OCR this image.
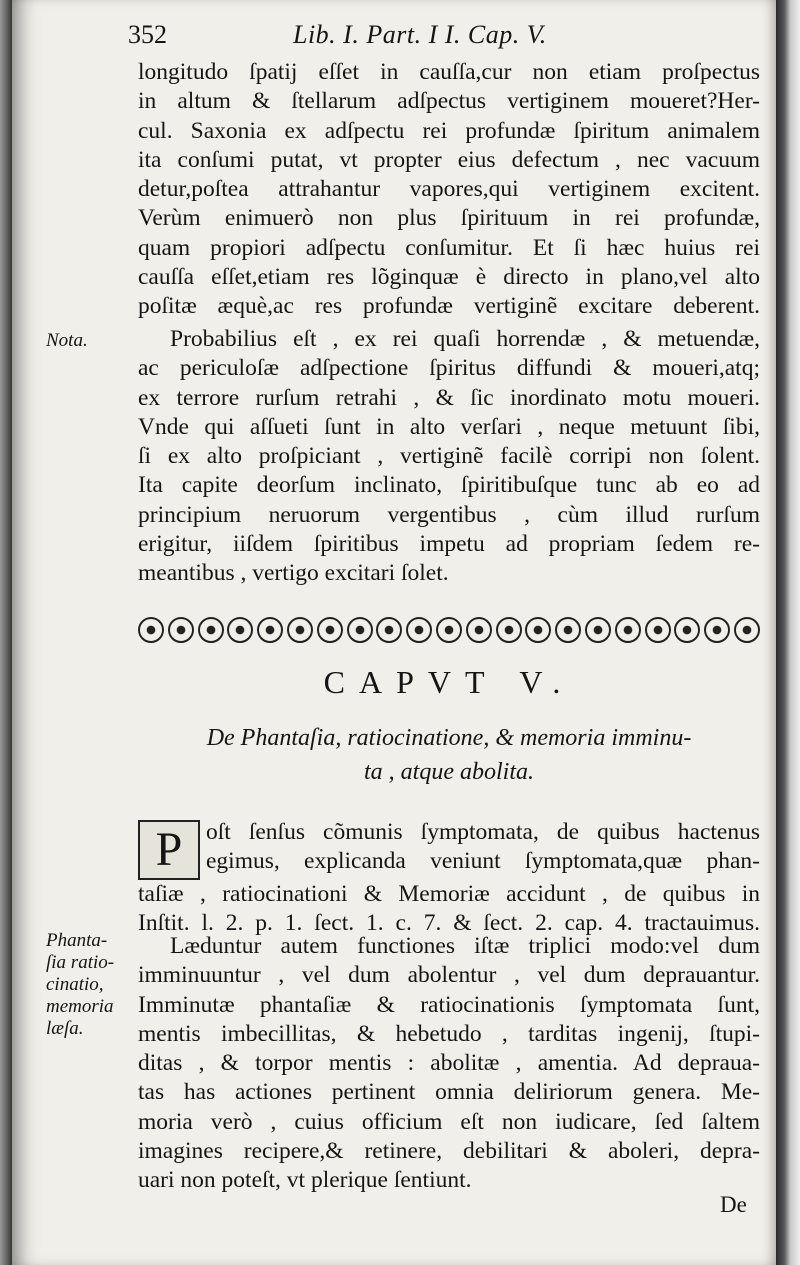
352	Lib. I. Part. I I. Cap. V.
longitudo ſpatij eſſet in cauſſa,cur non etiam proſpectus
in altum & ſtellarum adſpectus vertiginem moueret?Her-
cul. Saxonia ex adſpectu rei profundæ ſpiritum animalem
ita conſumi putat, vt propter eius defectum , nec vacuum
detur,poſtea attrahantur vapores,qui vertiginem excitent.
Verùm enimuerò non plus ſpirituum in rei profundæ,
quam propiori adſpectu conſumitur. Et ſi hæc huius rei
cauſſa eſſet,etiam res lõginquæ è directo in plano,vel alto
poſitæ æquè,ac res profundæ vertiginẽ excitare deberent.
Nota.	Probabilius eſt , ex rei quaſi horrendæ , & metuendæ,
ac periculoſæ adſpectione ſpiritus diffundi & moueri,atq;
ex terrore rurſum retrahi , & ſic inordinato motu moueri.
Vnde qui aſſueti ſunt in alto verſari , neque metuunt ſibi,
ſi ex alto proſpiciant , vertiginẽ facilè corripi non ſolent.
Ita capite deorſum inclinato, ſpiritibuſque tunc ab eo ad
principium neruorum vergentibus , cùm illud rurſum
erigitur, iiſdem ſpiritibus impetu ad propriam ſedem re-
meantibus , vertigo excitari ſolet.
CAPVT V.
De Phantaſia, ratiocinatione, & memoria imminu-
ta , atque abolita.
P	oſt ſenſus cõmunis ſymptomata, de quibus hactenus
egimus, explicanda veniunt ſymptomata,quæ phan-
taſiæ , ratiocinationi & Memoriæ accidunt , de quibus in
Inſtit. l. 2. p. 1. ſect. 1. c. 7. & ſect. 2. cap. 4. tractauimus.
Phanta-
ſia ratio-
cinatio,
memoria
læſa.
Læduntur autem functiones iſtæ triplici modo:vel dum
imminuuntur , vel dum abolentur , vel dum deprauantur.
Imminutæ phantaſiæ & ratiocinationis ſymptomata ſunt,
mentis imbecillitas, & hebetudo , tarditas ingenij, ſtupi-
ditas , & torpor mentis : abolitæ , amentia. Ad deprauа-
tas has actiones pertinent omnia deliriorum genera. Me-
moria verò , cuius officium eſt non iudicare, ſed ſaltem
imagines recipere,& retinere, debilitari & aboleri, depra-
uari non poteſt, vt plerique ſentiunt.
De
